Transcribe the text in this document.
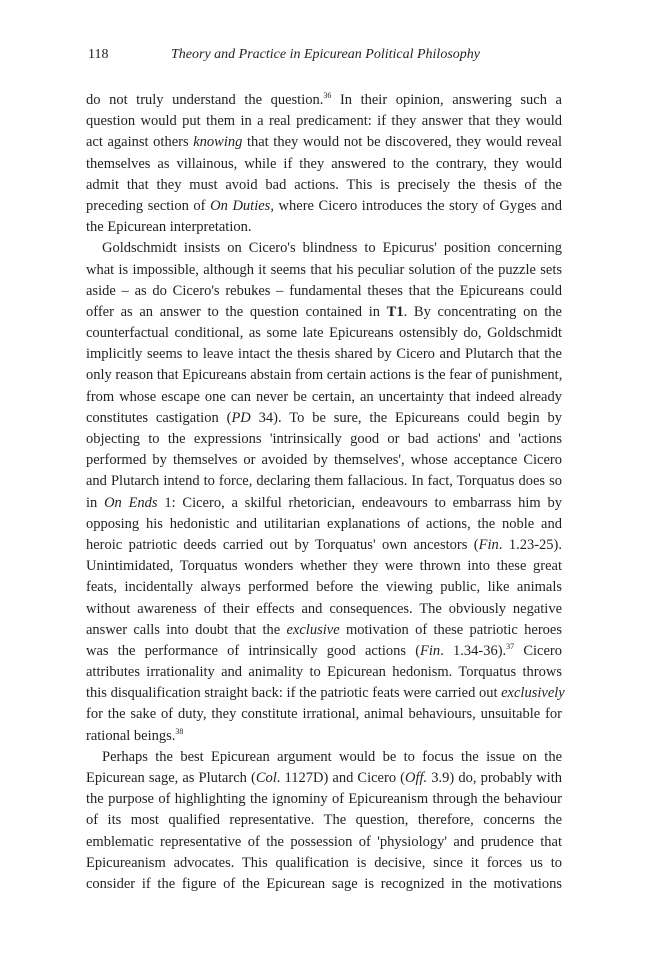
118	Theory and Practice in Epicurean Political Philosophy
do not truly understand the question.$^{36}$ In their opinion, answering such a
question would put them in a real predicament: if they answer that they would
act against others knowing that they would not be discovered, they would reveal
themselves as villainous, while if they answered to the contrary, they would
admit that they must avoid bad actions. This is precisely the thesis of the
preceding section of On Duties, where Cicero introduces the story of Gyges and
the Epicurean interpretation.
Goldschmidt insists on Cicero's blindness to Epicurus' position concerning
what is impossible, although it seems that his peculiar solution of the puzzle sets
aside – as do Cicero's rebukes – fundamental theses that the Epicureans could
offer as an answer to the question contained in T1. By concentrating on the
counterfactual conditional, as some late Epicureans ostensibly do, Goldschmidt
implicitly seems to leave intact the thesis shared by Cicero and Plutarch that the
only reason that Epicureans abstain from certain actions is the fear of punishment,
from whose escape one can never be certain, an uncertainty that indeed already
constitutes castigation (PD 34). To be sure, the Epicureans could begin by
objecting to the expressions 'intrinsically good or bad actions' and 'actions
performed by themselves or avoided by themselves', whose acceptance Cicero
and Plutarch intend to force, declaring them fallacious. In fact, Torquatus does so
in On Ends 1: Cicero, a skilful rhetorician, endeavours to embarrass him by
opposing his hedonistic and utilitarian explanations of actions, the noble and
heroic patriotic deeds carried out by Torquatus' own ancestors (Fin. 1.23-25).
Unintimidated, Torquatus wonders whether they were thrown into these great
feats, incidentally always performed before the viewing public, like animals
without awareness of their effects and consequences. The obviously negative
answer calls into doubt that the exclusive motivation of these patriotic heroes
was the performance of intrinsically good actions (Fin. 1.34-36).$^{37}$ Cicero
attributes irrationality and animality to Epicurean hedonism. Torquatus throws
this disqualification straight back: if the patriotic feats were carried out exclusively
for the sake of duty, they constitute irrational, animal behaviours, unsuitable for
rational beings.$^{38}$
Perhaps the best Epicurean argument would be to focus the issue on the
Epicurean sage, as Plutarch (Col. 1127D) and Cicero (Off. 3.9) do, probably with
the purpose of highlighting the ignominy of Epicureanism through the behaviour
of its most qualified representative. The question, therefore, concerns the
emblematic representative of the possession of 'physiology' and prudence that
Epicureanism advocates. This qualification is decisive, since it forces us to
consider if the figure of the Epicurean sage is recognized in the motivations
